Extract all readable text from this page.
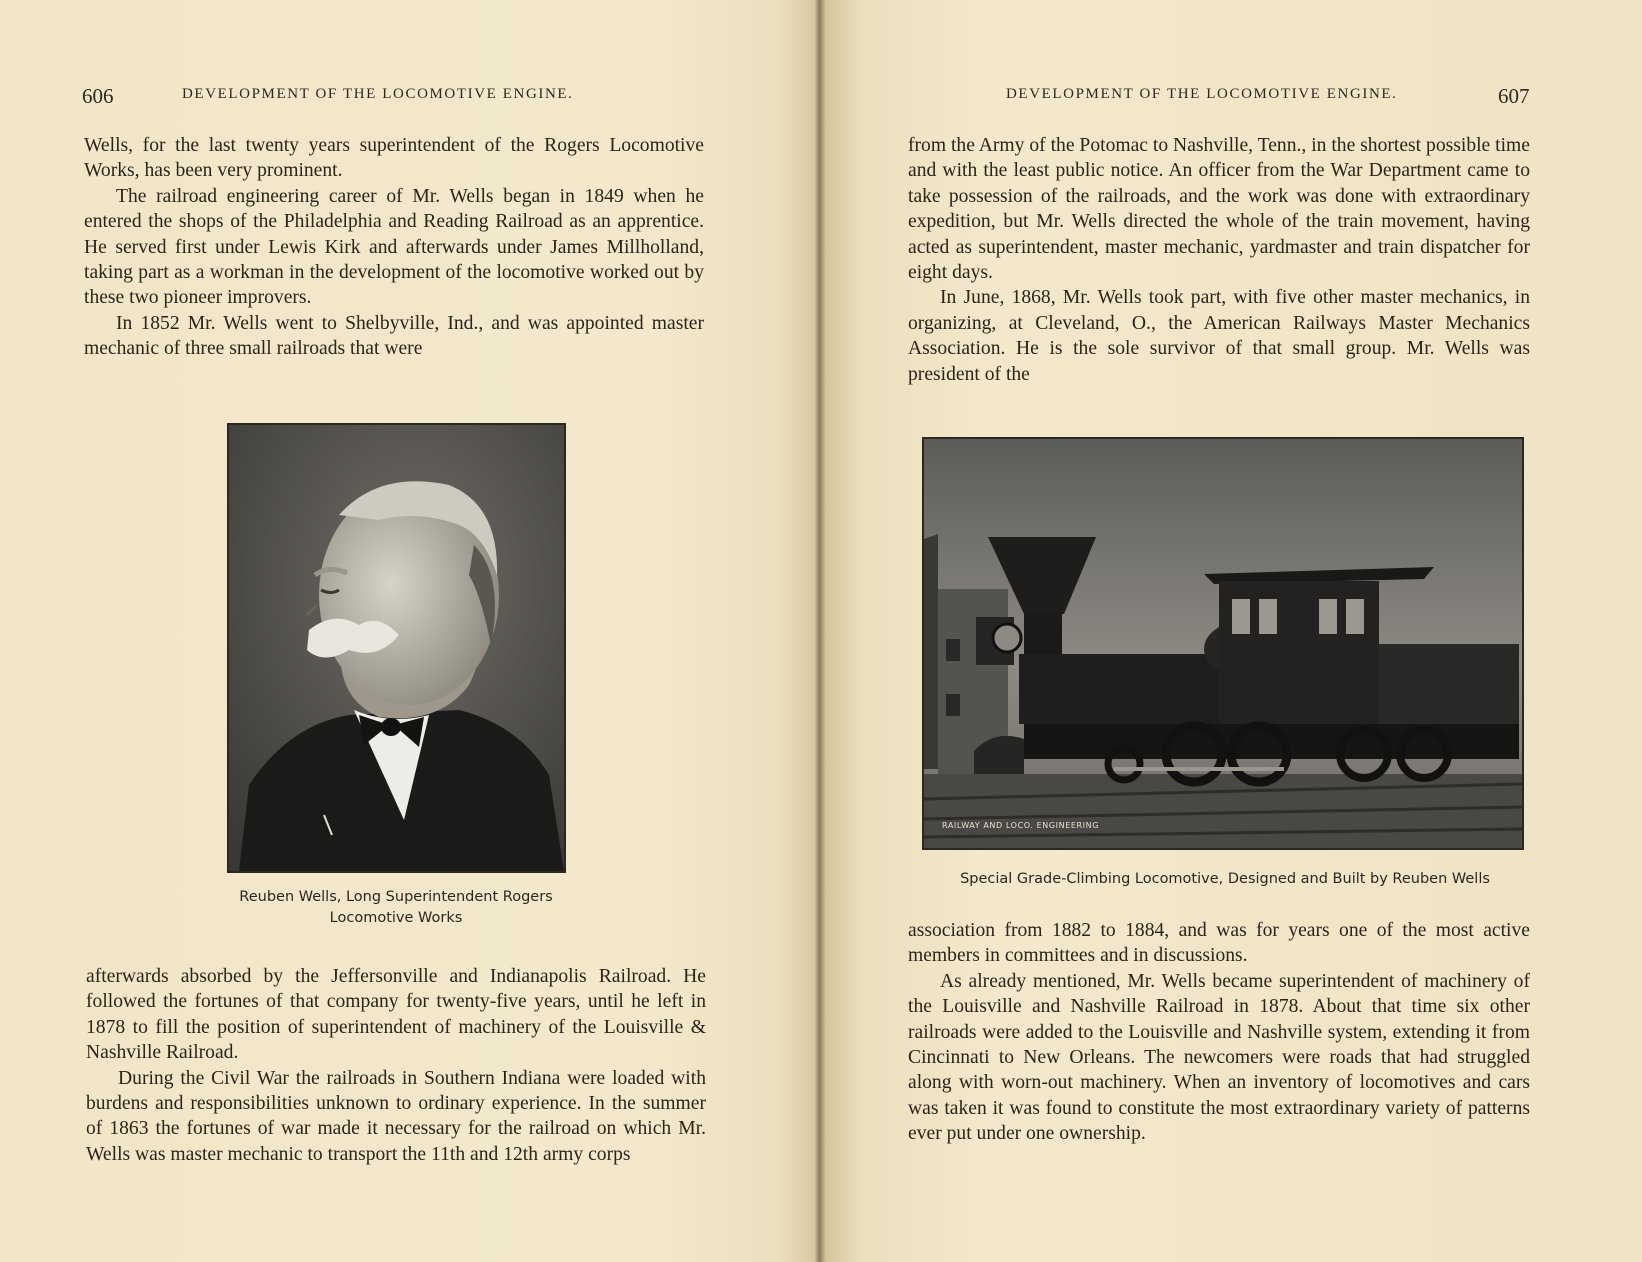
606	DEVELOPMENT OF THE LOCOMOTIVE ENGINE.

Wells, for the last twenty years superintendent of the Rogers Locomotive Works, has been very prominent.

The railroad engineering career of Mr. Wells began in 1849 when he entered the shops of the Philadelphia and Reading Railroad as an apprentice. He served first under Lewis Kirk and afterwards under James Millholland, taking part as a workman in the development of the locomotive worked out by these two pioneer improvers.

In 1852 Mr. Wells went to Shelbyville, Ind., and was appointed master mechanic of three small railroads that were

Reuben Wells, Long Superintendent Rogers
Locomotive Works

afterwards absorbed by the Jeffersonville and Indianapolis Railroad. He followed the fortunes of that company for twenty-five years, until he left in 1878 to fill the position of superintendent of machinery of the Louisville & Nashville Railroad.

During the Civil War the railroads in Southern Indiana were loaded with burdens and responsibilities unknown to ordinary experience. In the summer of 1863 the fortunes of war made it necessary for the railroad on which Mr. Wells was master mechanic to transport the 11th and 12th army corps

DEVELOPMENT OF THE LOCOMOTIVE ENGINE.	607

from the Army of the Potomac to Nashville, Tenn., in the shortest possible time and with the least public notice. An officer from the War Department came to take possession of the railroads, and the work was done with extraordinary expedition, but Mr. Wells directed the whole of the train movement, having acted as superintendent, master mechanic, yardmaster and train dispatcher for eight days.

In June, 1868, Mr. Wells took part, with five other master mechanics, in organizing, at Cleveland, O., the American Railways Master Mechanics Association. He is the sole survivor of that small group. Mr. Wells was president of the

RAILWAY AND LOCO. ENGINEERING
Special Grade-Climbing Locomotive, Designed and Built by Reuben Wells

association from 1882 to 1884, and was for years one of the most active members in committees and in discussions.

As already mentioned, Mr. Wells became superintendent of machinery of the Louisville and Nashville Railroad in 1878. About that time six other railroads were added to the Louisville and Nashville system, extending it from Cincinnati to New Orleans. The newcomers were roads that had struggled along with worn-out machinery. When an inventory of locomotives and cars was taken it was found to constitute the most extraordinary variety of patterns ever put under one ownership.
